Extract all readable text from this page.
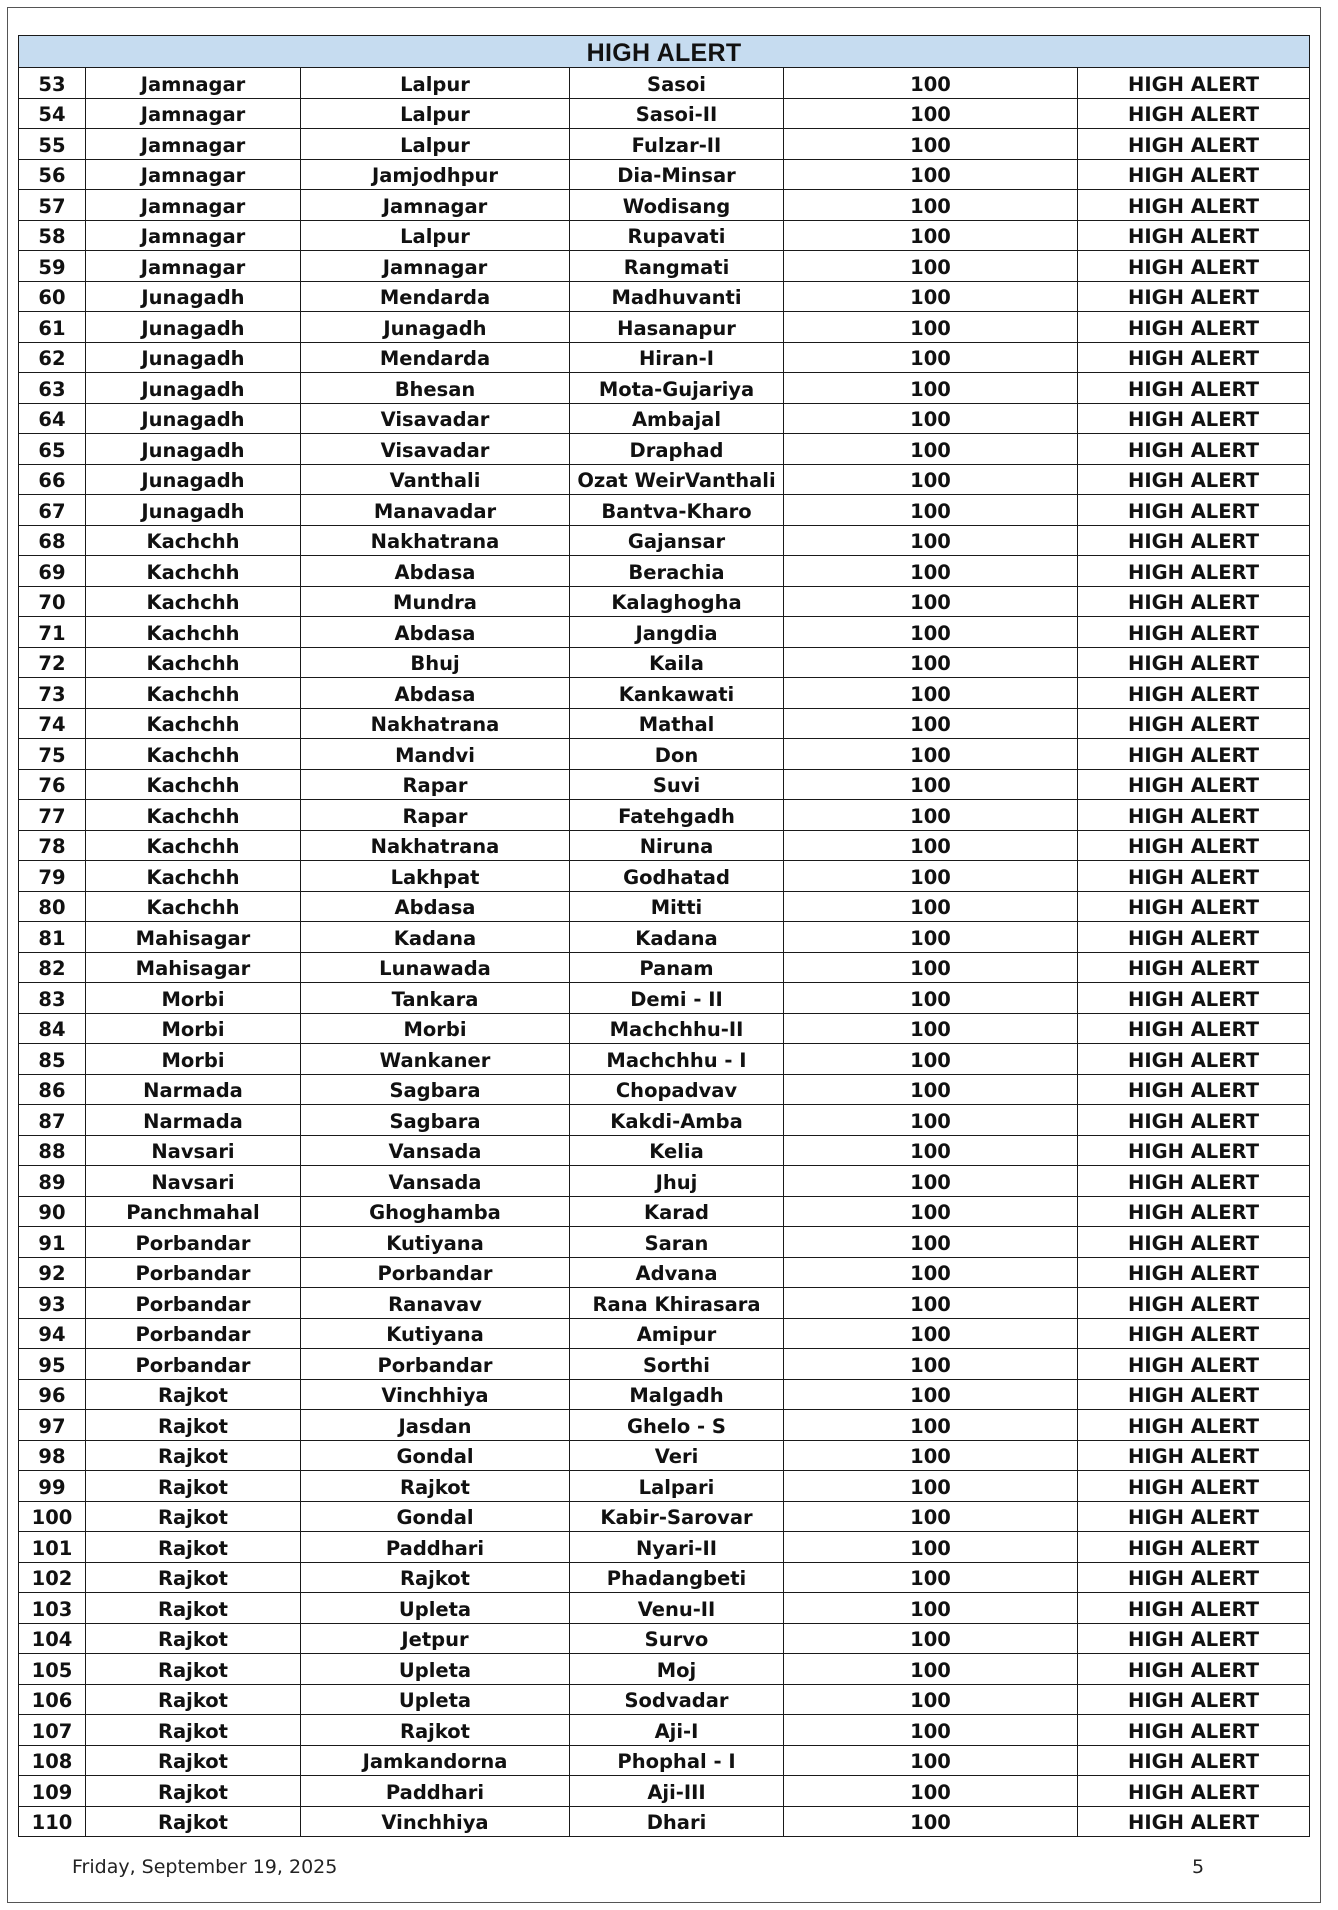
HIGH ALERT					
53	Jamnagar	Lalpur	Sasoi	100	HIGH ALERT
54	Jamnagar	Lalpur	Sasoi-II	100	HIGH ALERT
55	Jamnagar	Lalpur	Fulzar-II	100	HIGH ALERT
56	Jamnagar	Jamjodhpur	Dia-Minsar	100	HIGH ALERT
57	Jamnagar	Jamnagar	Wodisang	100	HIGH ALERT
58	Jamnagar	Lalpur	Rupavati	100	HIGH ALERT
59	Jamnagar	Jamnagar	Rangmati	100	HIGH ALERT
60	Junagadh	Mendarda	Madhuvanti	100	HIGH ALERT
61	Junagadh	Junagadh	Hasanapur	100	HIGH ALERT
62	Junagadh	Mendarda	Hiran-I	100	HIGH ALERT
63	Junagadh	Bhesan	Mota-Gujariya	100	HIGH ALERT
64	Junagadh	Visavadar	Ambajal	100	HIGH ALERT
65	Junagadh	Visavadar	Draphad	100	HIGH ALERT
66	Junagadh	Vanthali	Ozat WeirVanthali	100	HIGH ALERT
67	Junagadh	Manavadar	Bantva-Kharo	100	HIGH ALERT
68	Kachchh	Nakhatrana	Gajansar	100	HIGH ALERT
69	Kachchh	Abdasa	Berachia	100	HIGH ALERT
70	Kachchh	Mundra	Kalaghogha	100	HIGH ALERT
71	Kachchh	Abdasa	Jangdia	100	HIGH ALERT
72	Kachchh	Bhuj	Kaila	100	HIGH ALERT
73	Kachchh	Abdasa	Kankawati	100	HIGH ALERT
74	Kachchh	Nakhatrana	Mathal	100	HIGH ALERT
75	Kachchh	Mandvi	Don	100	HIGH ALERT
76	Kachchh	Rapar	Suvi	100	HIGH ALERT
77	Kachchh	Rapar	Fatehgadh	100	HIGH ALERT
78	Kachchh	Nakhatrana	Niruna	100	HIGH ALERT
79	Kachchh	Lakhpat	Godhatad	100	HIGH ALERT
80	Kachchh	Abdasa	Mitti	100	HIGH ALERT
81	Mahisagar	Kadana	Kadana	100	HIGH ALERT
82	Mahisagar	Lunawada	Panam	100	HIGH ALERT
83	Morbi	Tankara	Demi - II	100	HIGH ALERT
84	Morbi	Morbi	Machchhu-II	100	HIGH ALERT
85	Morbi	Wankaner	Machchhu - I	100	HIGH ALERT
86	Narmada	Sagbara	Chopadvav	100	HIGH ALERT
87	Narmada	Sagbara	Kakdi-Amba	100	HIGH ALERT
88	Navsari	Vansada	Kelia	100	HIGH ALERT
89	Navsari	Vansada	Jhuj	100	HIGH ALERT
90	Panchmahal	Ghoghamba	Karad	100	HIGH ALERT
91	Porbandar	Kutiyana	Saran	100	HIGH ALERT
92	Porbandar	Porbandar	Advana	100	HIGH ALERT
93	Porbandar	Ranavav	Rana Khirasara	100	HIGH ALERT
94	Porbandar	Kutiyana	Amipur	100	HIGH ALERT
95	Porbandar	Porbandar	Sorthi	100	HIGH ALERT
96	Rajkot	Vinchhiya	Malgadh	100	HIGH ALERT
97	Rajkot	Jasdan	Ghelo - S	100	HIGH ALERT
98	Rajkot	Gondal	Veri	100	HIGH ALERT
99	Rajkot	Rajkot	Lalpari	100	HIGH ALERT
100	Rajkot	Gondal	Kabir-Sarovar	100	HIGH ALERT
101	Rajkot	Paddhari	Nyari-II	100	HIGH ALERT
102	Rajkot	Rajkot	Phadangbeti	100	HIGH ALERT
103	Rajkot	Upleta	Venu-II	100	HIGH ALERT
104	Rajkot	Jetpur	Survo	100	HIGH ALERT
105	Rajkot	Upleta	Moj	100	HIGH ALERT
106	Rajkot	Upleta	Sodvadar	100	HIGH ALERT
107	Rajkot	Rajkot	Aji-I	100	HIGH ALERT
108	Rajkot	Jamkandorna	Phophal - I	100	HIGH ALERT
109	Rajkot	Paddhari	Aji-III	100	HIGH ALERT
110	Rajkot	Vinchhiya	Dhari	100	HIGH ALERT
Friday, September 19, 2025	5
